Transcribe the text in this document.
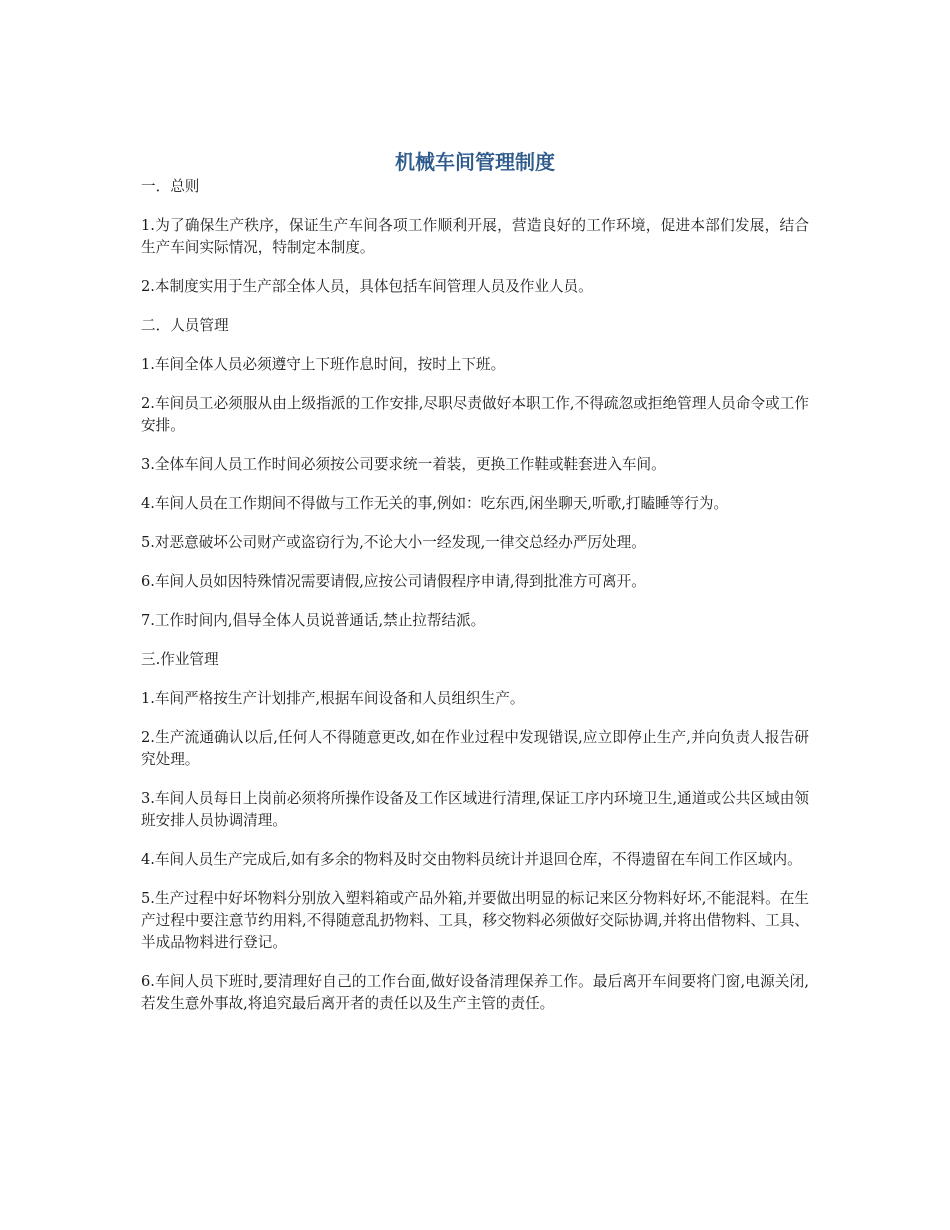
机械车间管理制度
一．总则

1.为了确保生产秩序，保证生产车间各项工作顺利开展，营造良好的工作环境，促进本部们发展，结合生产车间实际情况，特制定本制度。

2.本制度实用于生产部全体人员，具体包括车间管理人员及作业人员。

二．人员管理

1.车间全体人员必须遵守上下班作息时间，按时上下班。

2.车间员工必须服从由上级指派的工作安排,尽职尽责做好本职工作,不得疏忽或拒绝管理人员命令或工作安排。

3.全体车间人员工作时间必须按公司要求统一着装，更换工作鞋或鞋套进入车间。

4.车间人员在工作期间不得做与工作无关的事,例如：吃东西,闲坐聊天,听歌,打瞌睡等行为。

5.对恶意破坏公司财产或盗窃行为,不论大小一经发现,一律交总经办严厉处理。

6.车间人员如因特殊情况需要请假,应按公司请假程序申请,得到批准方可离开。

7.工作时间内,倡导全体人员说普通话,禁止拉帮结派。

三.作业管理

1.车间严格按生产计划排产,根据车间设备和人员组织生产。

2.生产流通确认以后,任何人不得随意更改,如在作业过程中发现错误,应立即停止生产,并向负责人报告研究处理。

3.车间人员每日上岗前必须将所操作设备及工作区域进行清理,保证工序内环境卫生,通道或公共区域由领班安排人员协调清理。

4.车间人员生产完成后,如有多余的物料及时交由物料员统计并退回仓库，不得遗留在车间工作区域内。

5.生产过程中好坏物料分别放入塑料箱或产品外箱,并要做出明显的标记来区分物料好坏,不能混料。在生产过程中要注意节约用料,不得随意乱扔物料、工具，移交物料必须做好交际协调,并将出借物料、工具、半成品物料进行登记。

6.车间人员下班时,要清理好自己的工作台面,做好设备清理保养工作。最后离开车间要将门窗,电源关闭,若发生意外事故,将追究最后离开者的责任以及生产主管的责任。
